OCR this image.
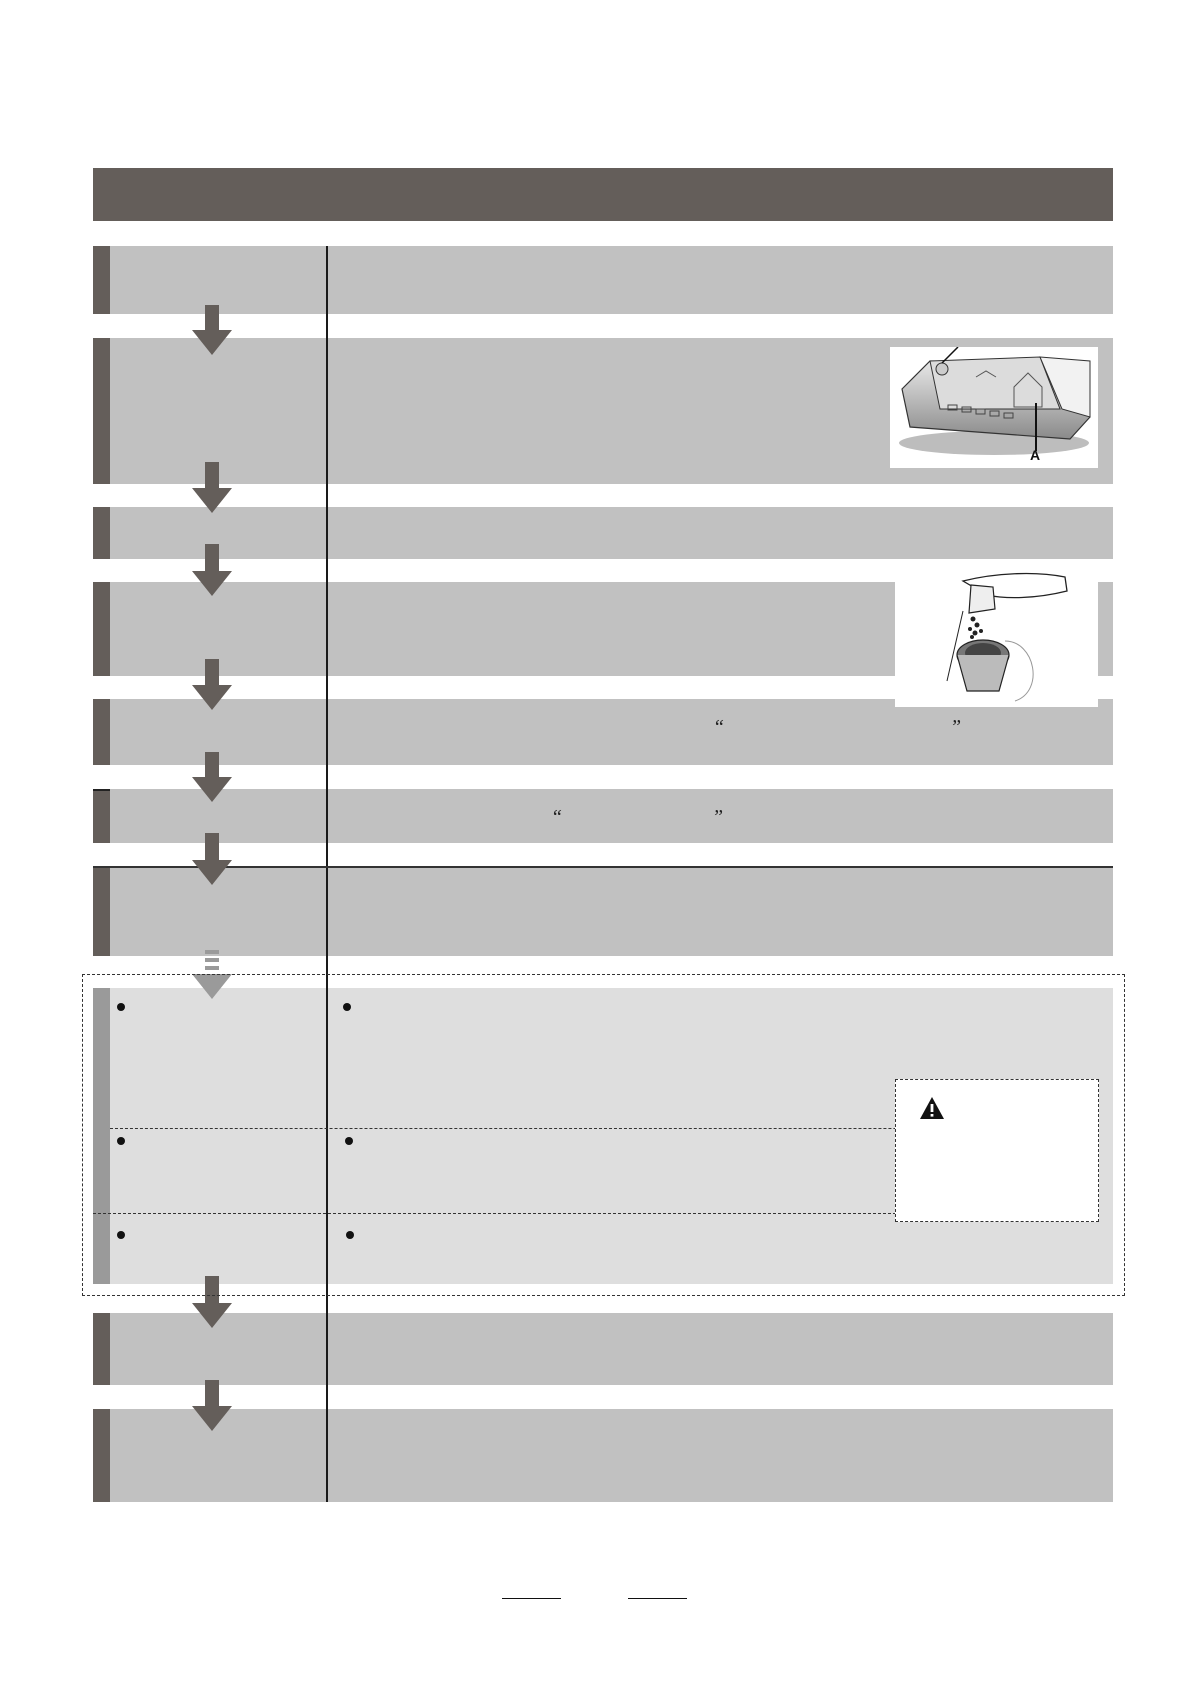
A
“	”
“	”
